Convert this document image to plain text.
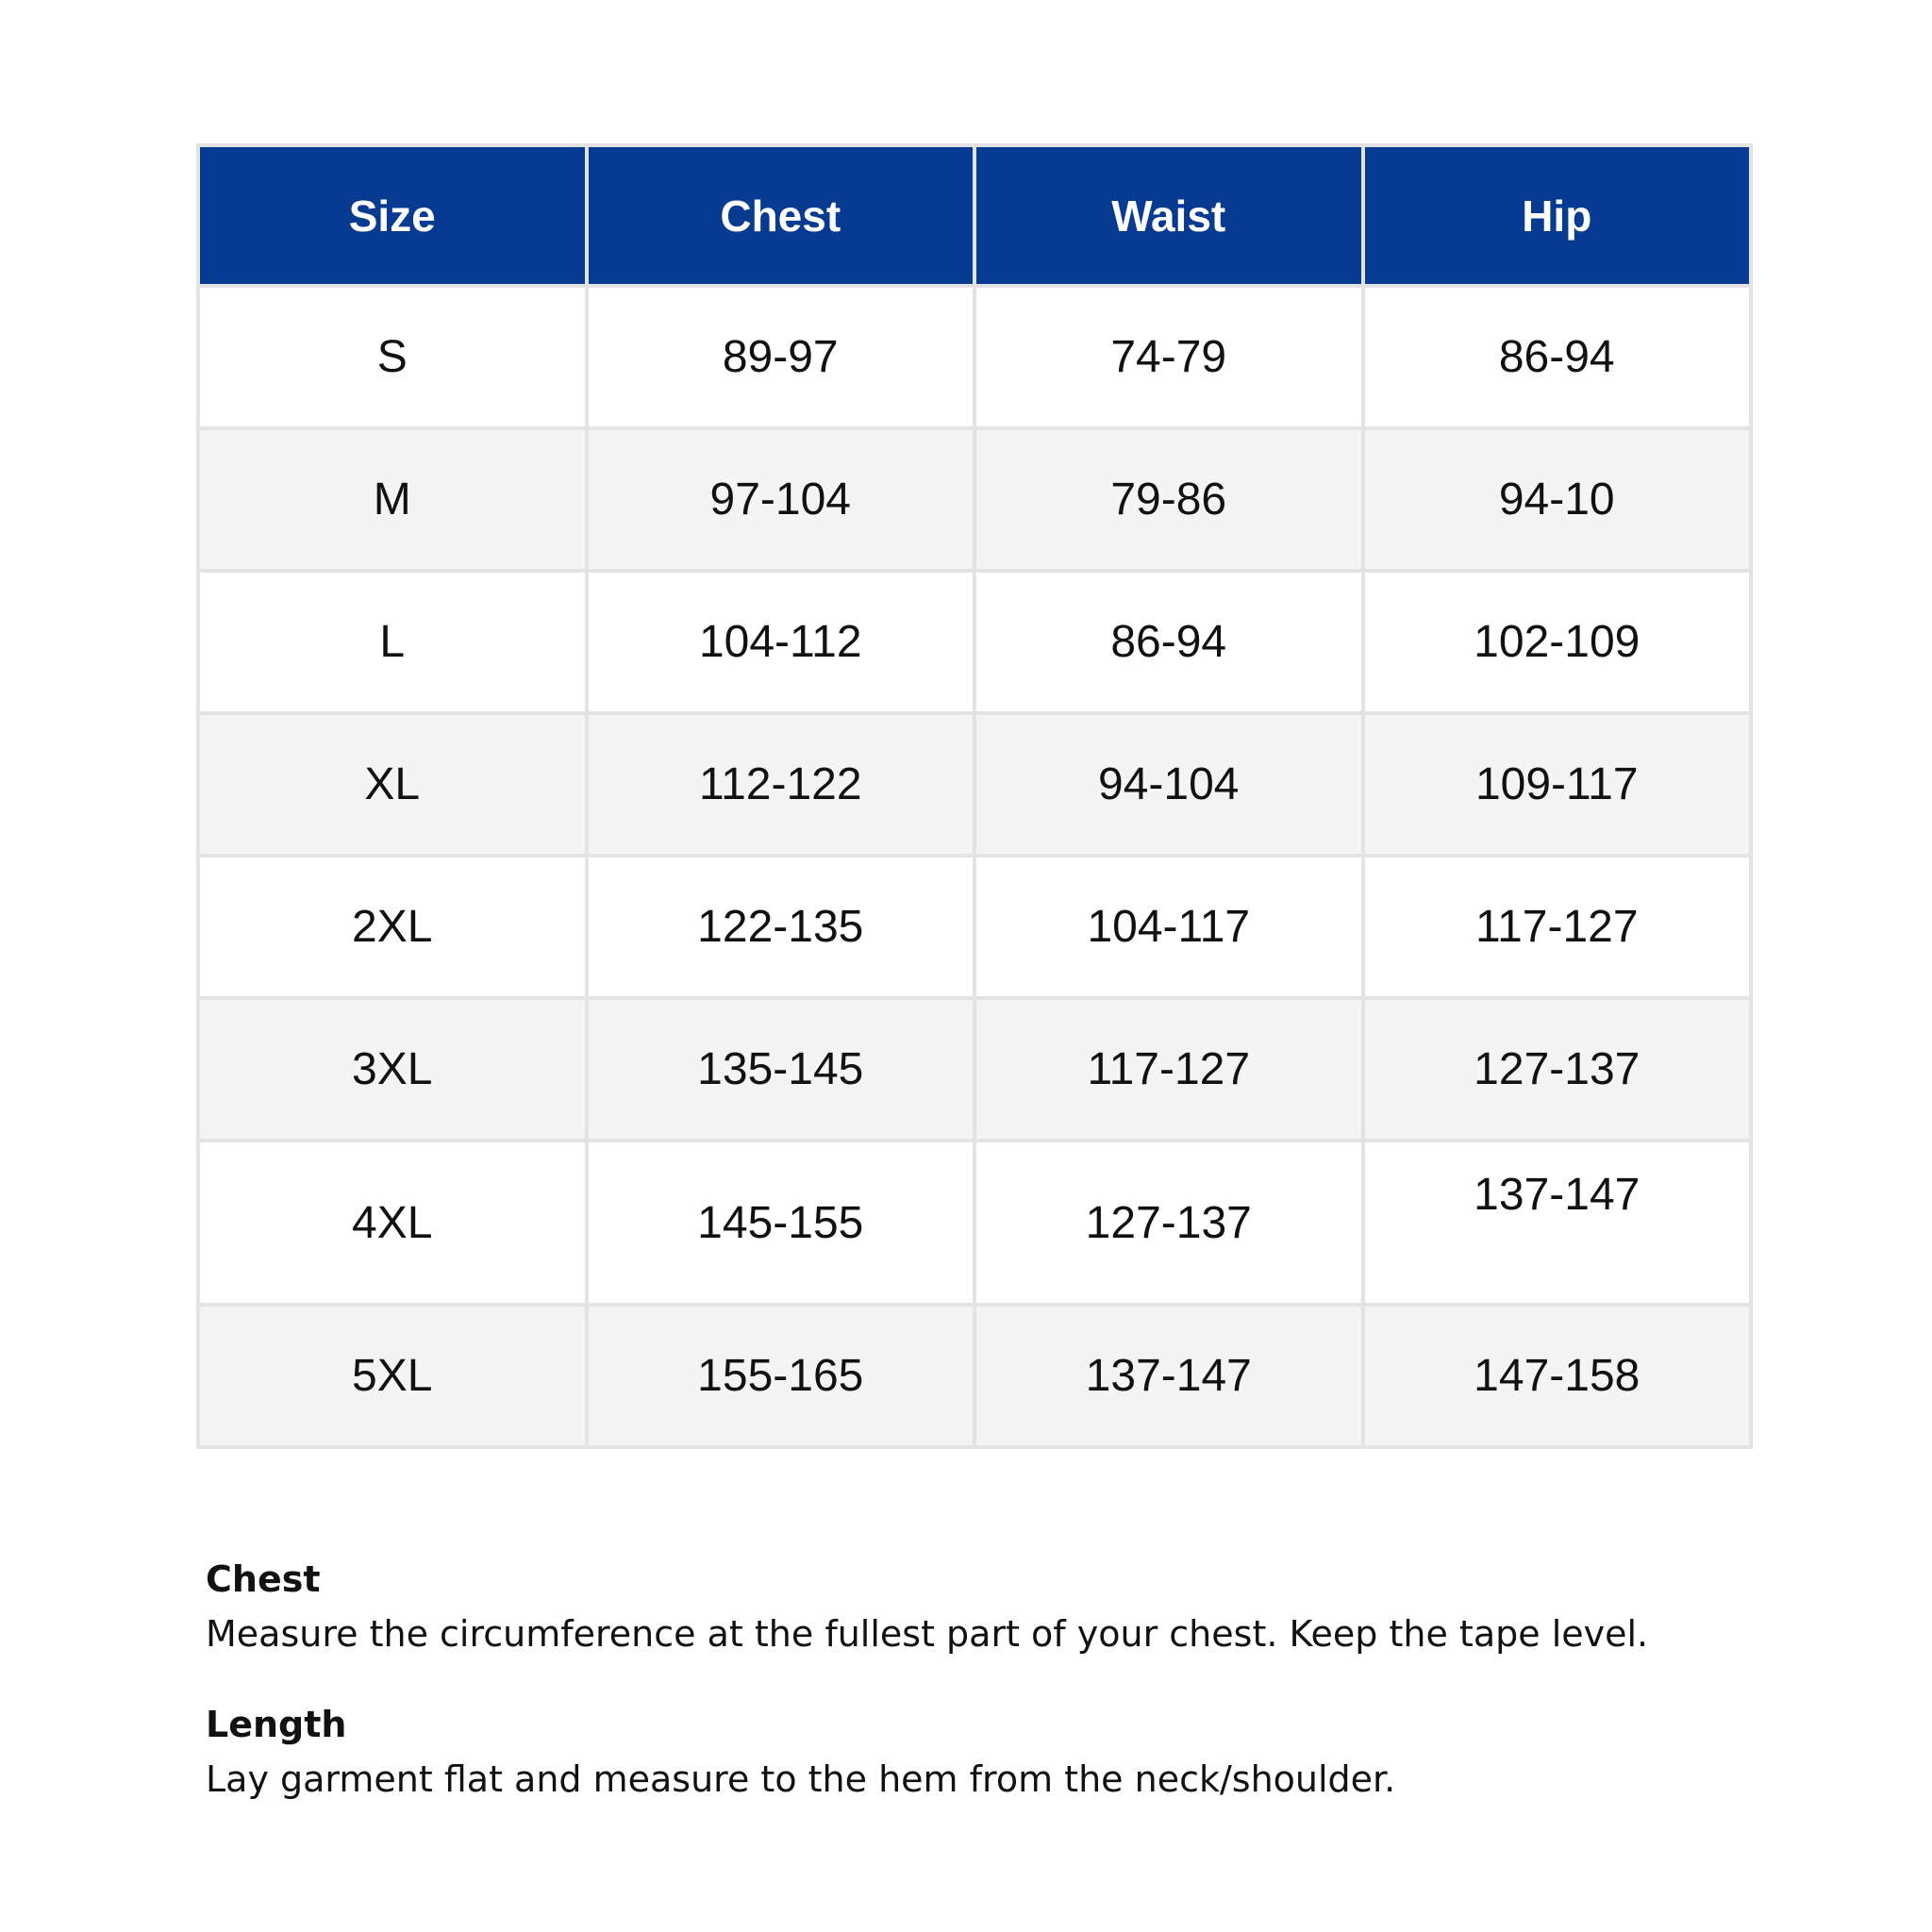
Size	Chest	Waist	Hip
S	89-97	74-79	86-94
M	97-104	79-86	94-10
L	104-112	86-94	102-109
XL	112-122	94-104	109-117
2XL	122-135	104-117	117-127
3XL	135-145	117-127	127-137
4XL	145-155	127-137	137-147
5XL	155-165	137-147	147-158
Chest
Measure the circumference at the fullest part of your chest. Keep the tape level.
Length
Lay garment flat and measure to the hem from the neck/shoulder.
